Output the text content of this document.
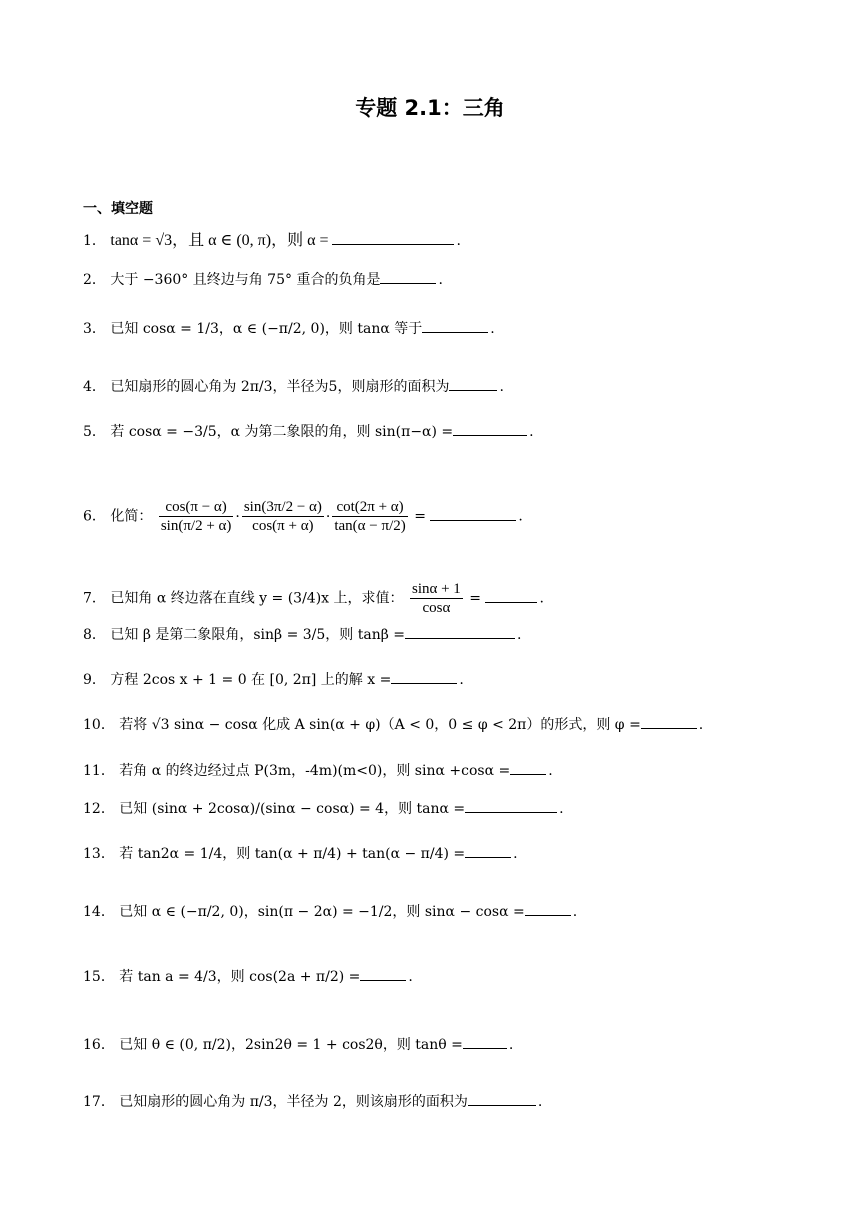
专题 2.1：三角
一、填空题
1． tanα = √3，且 α ∈ (0, π)，则 α =	.
2． 大于 −360° 且终边与角 75° 重合的负角是	.
3． 已知 cosα = 1/3，α ∈ (−π/2, 0)，则 tanα 等于	.
4． 已知扇形的圆心角为 2π/3，半径为5，则扇形的面积为	.
5． 若 cosα = −3/5，α 为第二象限的角，则 sin(π−α) =	.
6． 化简： $\frac{\cos(\pi - \alpha)}{\sin(\pi/2 + \alpha)} \cdot \frac{\sin(3\pi/2 - \alpha)}{\cos(\pi + \alpha)} \cdot \frac{\cot(2\pi + \alpha)}{\tan(\alpha - \pi/2)}$ =	.
7． 已知角 α 终边落在直线 y = (3/4)x 上，求值： $\frac{\sin\alpha + 1}{\cos\alpha}$ =	.
8． 已知 β 是第二象限角，sinβ = 3/5，则 tanβ =	.
9． 方程 2cos x + 1 = 0 在 [0, 2π] 上的解 x =	.
10． 若将 √3 sinα − cosα 化成 A sin(α + φ)（A < 0，0 ≤ φ < 2π）的形式，则 φ =	.
11． 若角 α 的终边经过点 P(3m，-4m)(m<0)，则 sinα +cosα =	.
12． 已知 (sinα + 2cosα)/(sinα − cosα) = 4，则 tanα =	.
13． 若 tan2α = 1/4，则 tan(α + π/4) + tan(α − π/4) =	.
14． 已知 α ∈ (−π/2, 0)，sin(π − 2α) = −1/2，则 sinα − cosα =	.
15． 若 tan a = 4/3，则 cos(2a + π/2) =	.
16． 已知 θ ∈ (0, π/2)，2sin2θ = 1 + cos2θ，则 tanθ =	.
17． 已知扇形的圆心角为 π/3，半径为 2，则该扇形的面积为	.
